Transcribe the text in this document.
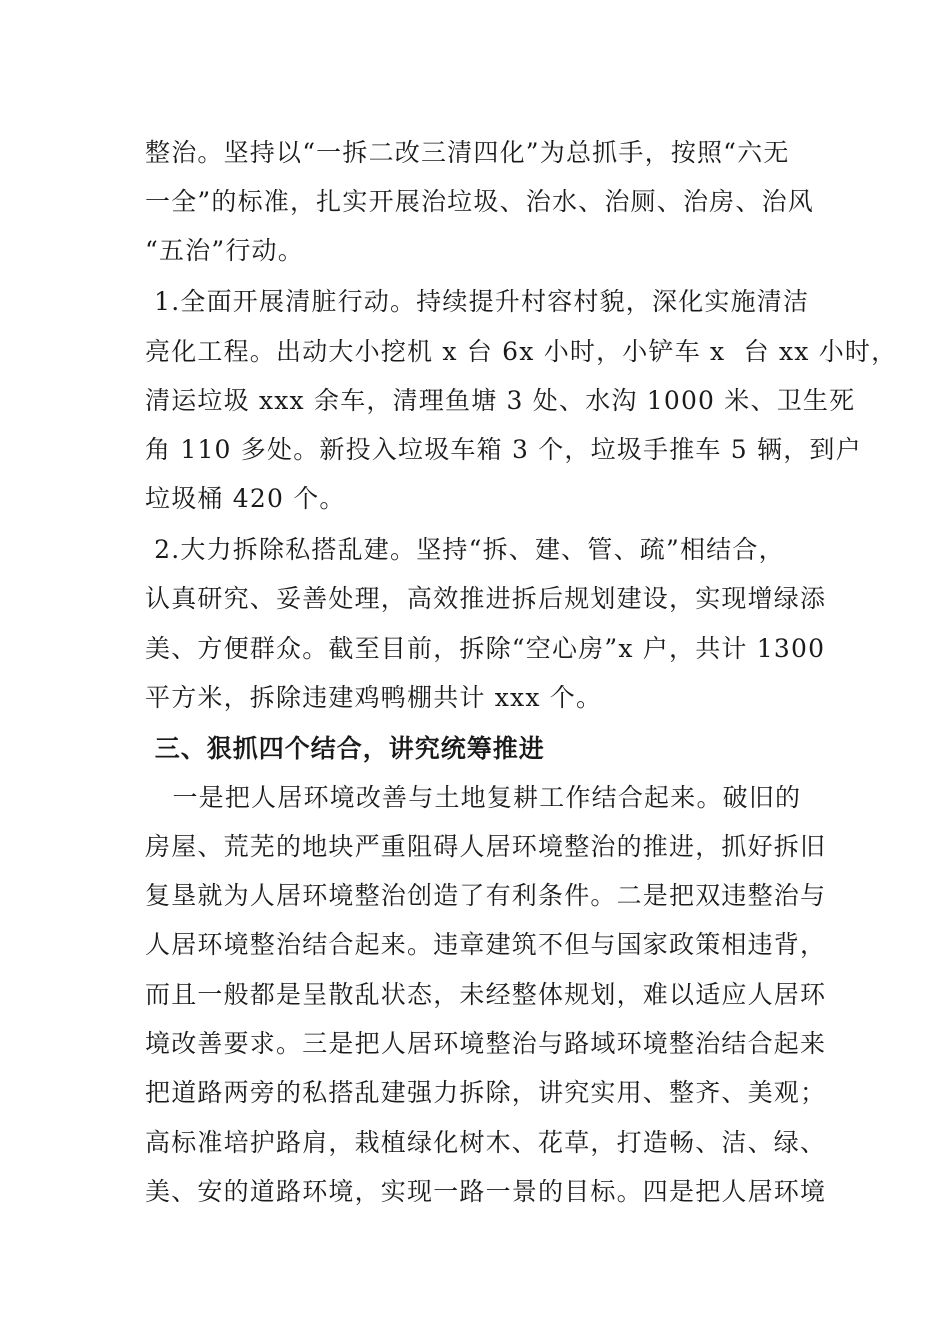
整治。坚持以“一拆二改三清四化”为总抓手，按照“六无
一全”的标准，扎实开展治垃圾、治水、治厕、治房、治风
“五治”行动。
1.全面开展清脏行动。持续提升村容村貌，深化实施清洁
亮化工程。出动大小挖机 x 台 6x 小时，小铲车 x  台 xx 小时，
清运垃圾 xxx 余车，清理鱼塘 3 处、水沟 1000 米、卫生死
角 110 多处。新投入垃圾车箱 3 个，垃圾手推车 5 辆，到户
垃圾桶 420 个。
2.大力拆除私搭乱建。坚持“拆、建、管、疏”相结合，
认真研究、妥善处理，高效推进拆后规划建设，实现增绿添
美、方便群众。截至目前，拆除“空心房”x 户，共计 1300
平方米，拆除违建鸡鸭棚共计 xxx 个。
三、狠抓四个结合，讲究统筹推进
一是把人居环境改善与土地复耕工作结合起来。破旧的
房屋、荒芜的地块严重阻碍人居环境整治的推进，抓好拆旧
复垦就为人居环境整治创造了有利条件。二是把双违整治与
人居环境整治结合起来。违章建筑不但与国家政策相违背，
而且一般都是呈散乱状态，未经整体规划，难以适应人居环
境改善要求。三是把人居环境整治与路域环境整治结合起来
把道路两旁的私搭乱建强力拆除，讲究实用、整齐、美观；
高标准培护路肩，栽植绿化树木、花草，打造畅、洁、绿、
美、安的道路环境，实现一路一景的目标。四是把人居环境
